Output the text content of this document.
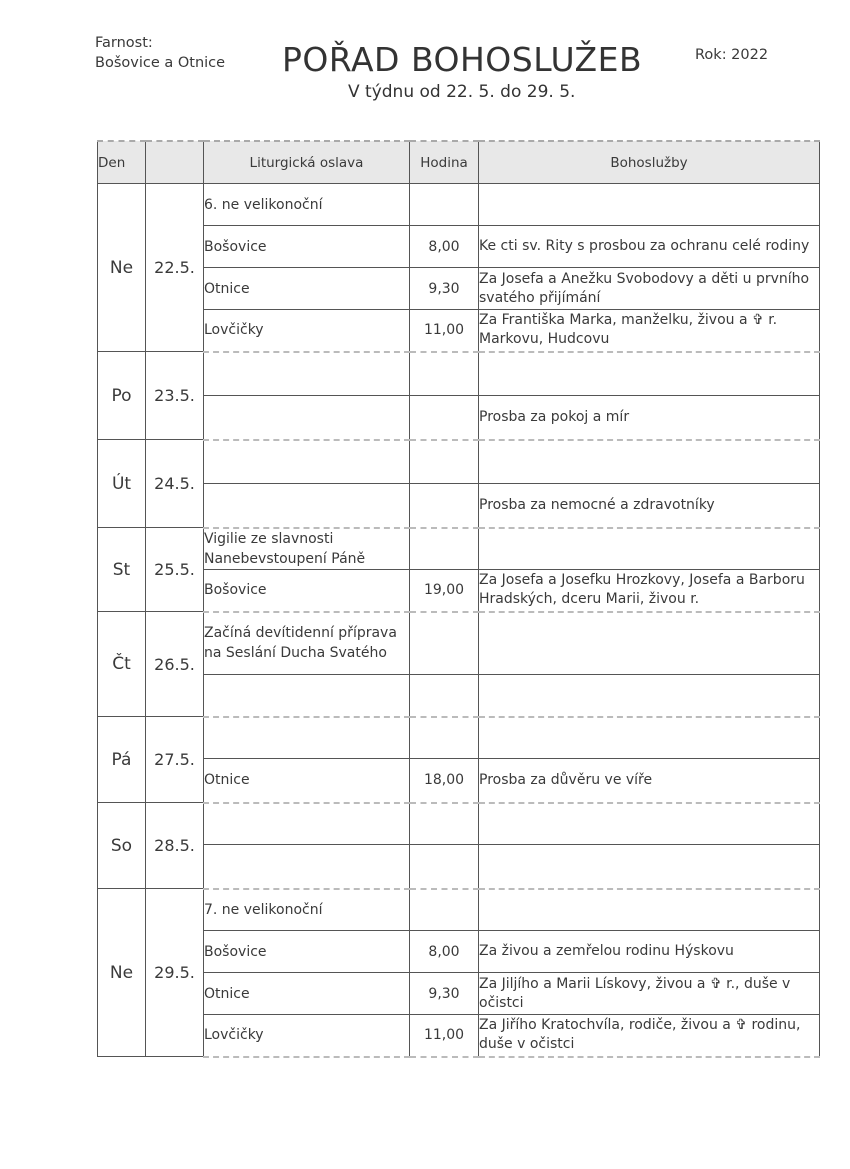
Farnost:
Bošovice a Otnice POŘAD BOHOSLUŽEB
V týdnu od 22. 5. do 29. 5.
Rok: 2022
Den		Liturgická oslava	Hodina	Bohoslužby
Ne	22.5.	6. ne velikonoční		
		Bošovice	8,00	Ke cti sv. Rity s prosbou za ochranu celé rodiny
		Otnice	9,30	Za Josefa a Anežku Svobodovy a děti u prvního svatého přijímání
		Lovčičky	11,00	Za Františka Marka, manželku, živou a ✞ r. Markovu, Hudcovu
Po	23.5.			
				Prosba za pokoj a mír
Út	24.5.			
				Prosba za nemocné a zdravotníky
St	25.5.	Vigilie ze slavnosti Nanebevstoupení Páně		
		Bošovice	19,00	Za Josefa a Josefku Hrozkovy, Josefa a Barboru Hradských, dceru Marii, živou r.
Čt	26.5.	Začíná devítidenní příprava na Seslání Ducha Svatého		

Pá	27.5.			
		Otnice	18,00	Prosba za důvěru ve víře
So	28.5.			

Ne	29.5.	7. ne velikonoční		
		Bošovice	8,00	Za živou a zemřelou rodinu Hýskovu
		Otnice	9,30	Za Jiljího a Marii Lískovy, živou a ✞ r., duše v očistci
		Lovčičky	11,00	Za Jiřího Kratochvíla, rodiče, živou a ✞ rodinu, duše v očistci
